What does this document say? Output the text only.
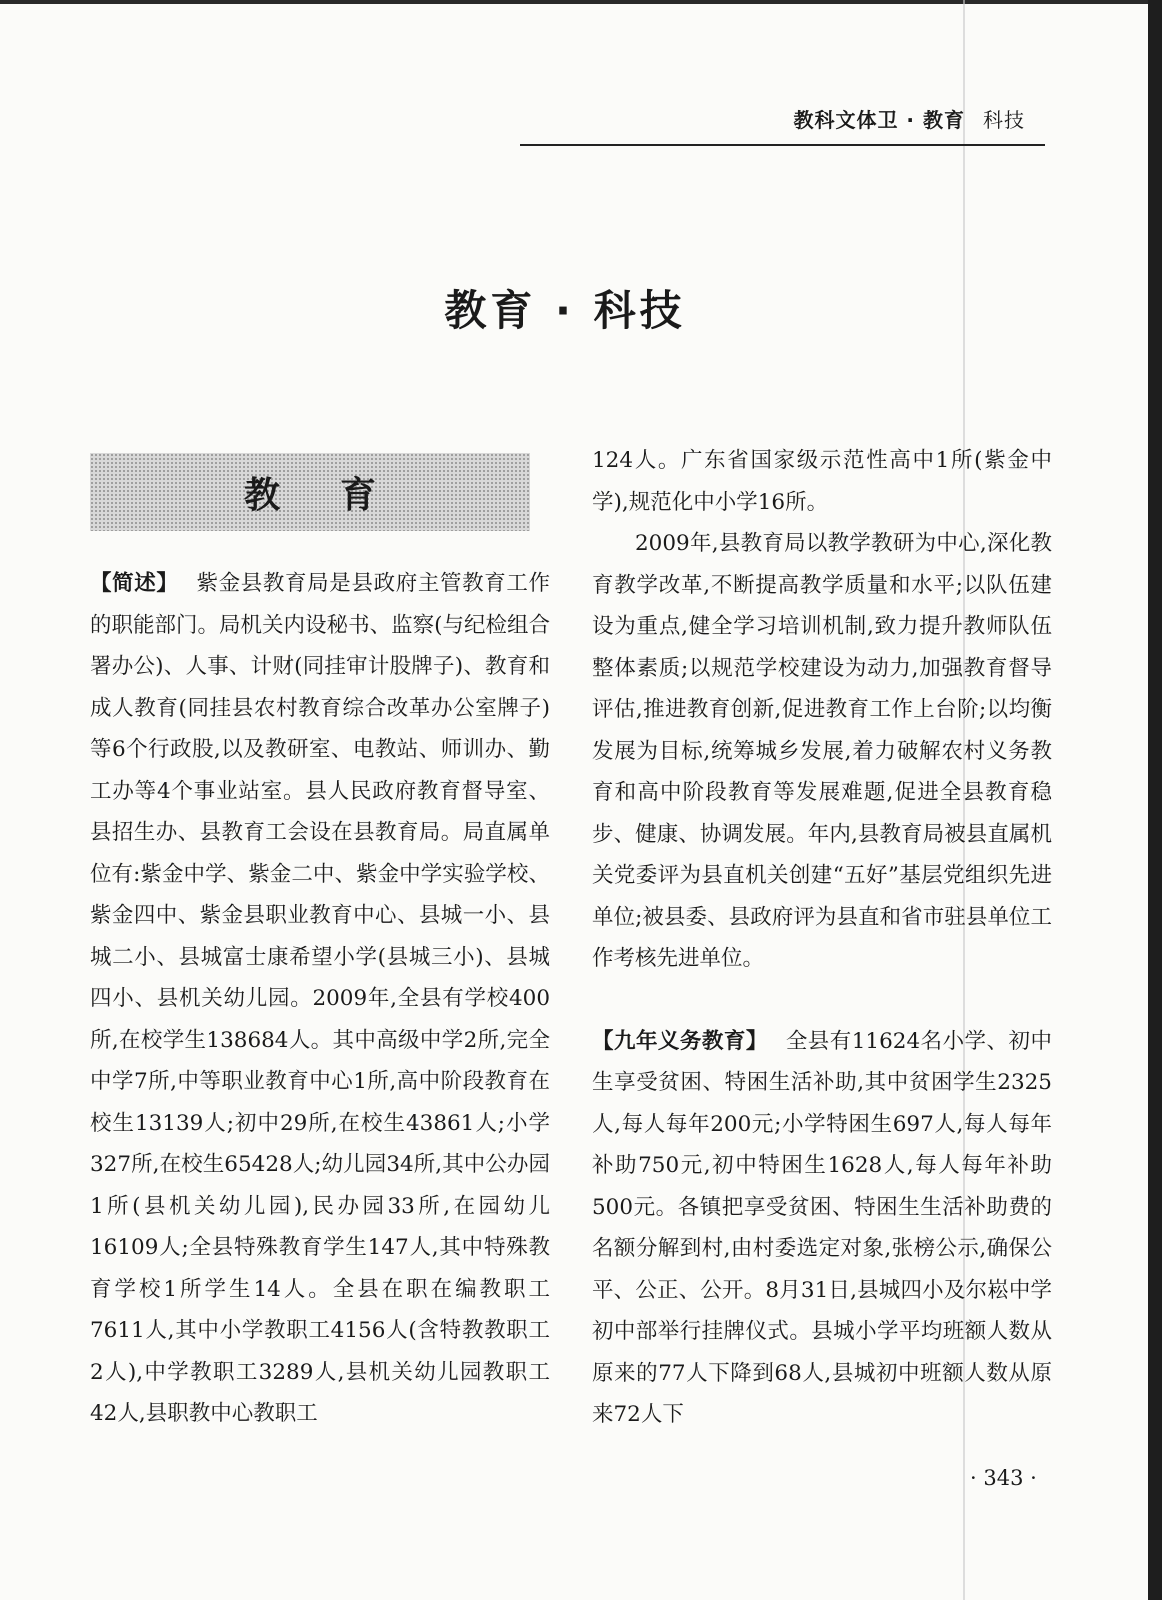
教科文体卫 · 教育 科技
教育 · 科技
教育

【简述】 紫金县教育局是县政府主管教育工作的职能部门。局机关内设秘书、监察(与纪检组合署办公)、人事、计财(同挂审计股牌子)、教育和成人教育(同挂县农村教育综合改革办公室牌子)等6个行政股,以及教研室、电教站、师训办、勤工办等4个事业站室。县人民政府教育督导室、县招生办、县教育工会设在县教育局。局直属单位有:紫金中学、紫金二中、紫金中学实验学校、紫金四中、紫金县职业教育中心、县城一小、县城二小、县城富士康希望小学(县城三小)、县城四小、县机关幼儿园。2009年,全县有学校400所,在校学生138684人。其中高级中学2所,完全中学7所,中等职业教育中心1所,高中阶段教育在校生13139人;初中29所,在校生43861人;小学327所,在校生65428人;幼儿园34所,其中公办园1所(县机关幼儿园),民办园33所,在园幼儿16109人;全县特殊教育学生147人,其中特殊教育学校1所学生14人。全县在职在编教职工7611人,其中小学教职工4156人(含特教教职工2人),中学教职工3289人,县机关幼儿园教职工42人,县职教中心教职工

124人。广东省国家级示范性高中1所(紫金中学),规范化中小学16所。

2009年,县教育局以教学教研为中心,深化教育教学改革,不断提高教学质量和水平;以队伍建设为重点,健全学习培训机制,致力提升教师队伍整体素质;以规范学校建设为动力,加强教育督导评估,推进教育创新,促进教育工作上台阶;以均衡发展为目标,统筹城乡发展,着力破解农村义务教育和高中阶段教育等发展难题,促进全县教育稳步、健康、协调发展。年内,县教育局被县直属机关党委评为县直机关创建“五好”基层党组织先进单位;被县委、县政府评为县直和省市驻县单位工作考核先进单位。

【九年义务教育】 全县有11624名小学、初中生享受贫困、特困生活补助,其中贫困学生2325人,每人每年200元;小学特困生697人,每人每年补助750元,初中特困生1628人,每人每年补助500元。各镇把享受贫困、特困生生活补助费的名额分解到村,由村委选定对象,张榜公示,确保公平、公正、公开。8月31日,县城四小及尔崧中学初中部举行挂牌仪式。县城小学平均班额人数从原来的77人下降到68人,县城初中班额人数从原来72人下

· 343 ·
